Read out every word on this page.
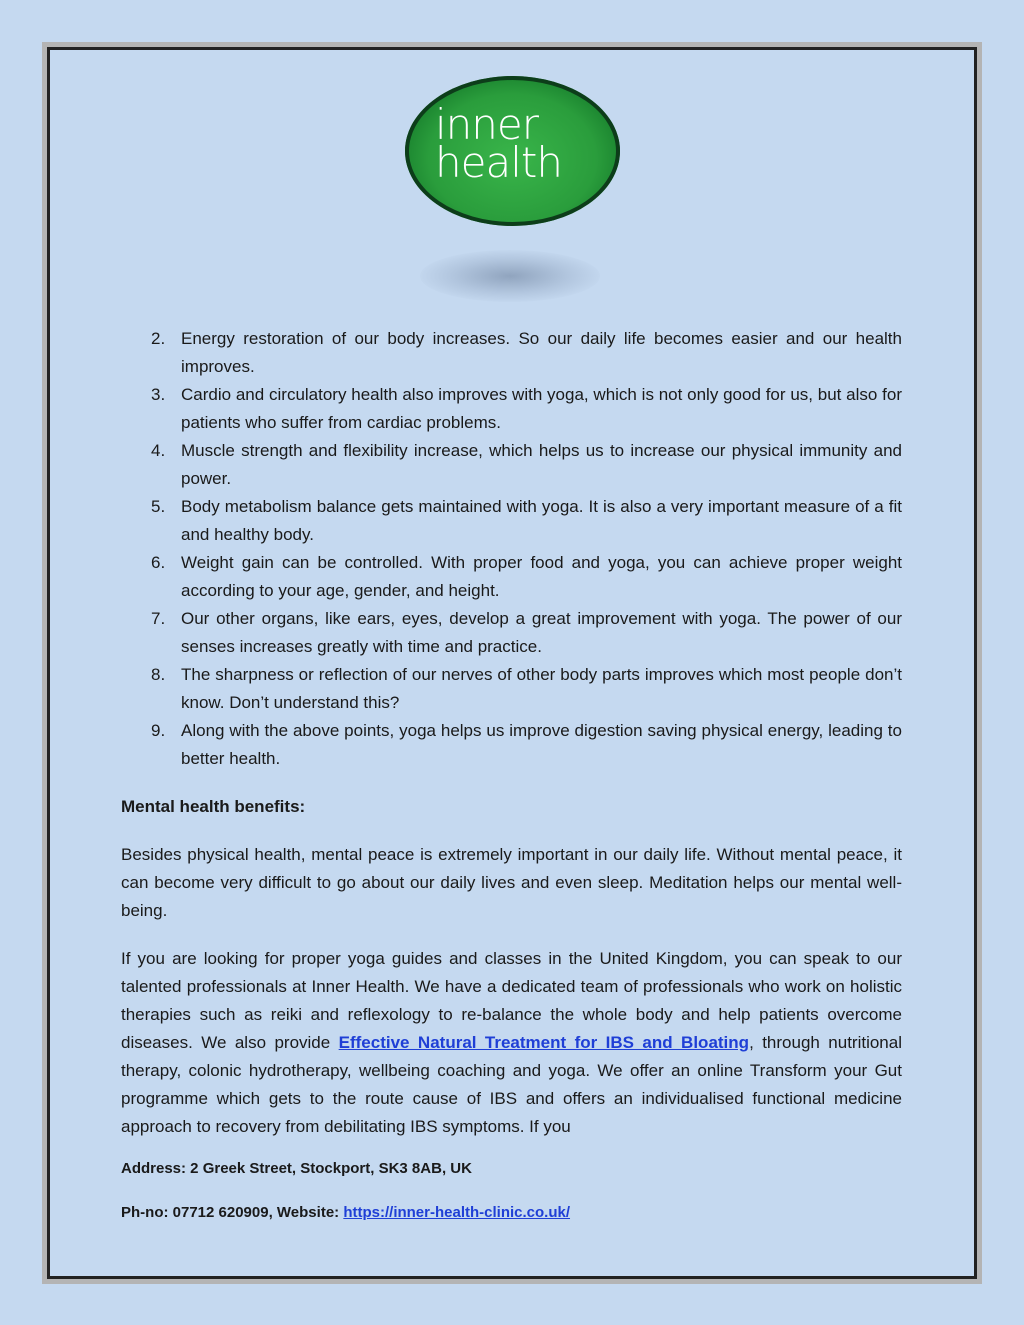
inner
health
2. Energy restoration of our body increases. So our daily life becomes easier and our health improves.
3. Cardio and circulatory health also improves with yoga, which is not only good for us, but also for patients who suffer from cardiac problems.
4. Muscle strength and flexibility increase, which helps us to increase our physical immunity and power.
5. Body metabolism balance gets maintained with yoga. It is also a very important measure of a fit and healthy body.
6. Weight gain can be controlled. With proper food and yoga, you can achieve proper weight according to your age, gender, and height.
7. Our other organs, like ears, eyes, develop a great improvement with yoga. The power of our senses increases greatly with time and practice.
8. The sharpness or reflection of our nerves of other body parts improves which most people don’t know. Don’t understand this?
9. Along with the above points, yoga helps us improve digestion saving physical energy, leading to better health.
Mental health benefits:

Besides physical health, mental peace is extremely important in our daily life. Without mental peace, it can become very difficult to go about our daily lives and even sleep. Meditation helps our mental well-being.

If you are looking for proper yoga guides and classes in the United Kingdom, you can speak to our talented professionals at Inner Health. We have a dedicated team of professionals who work on holistic therapies such as reiki and reflexology to re-balance the whole body and help patients overcome diseases. We also provide Effective Natural Treatment for IBS and Bloating, through nutritional therapy, colonic hydrotherapy, wellbeing coaching and yoga. We offer an online Transform your Gut programme which gets to the route cause of IBS and offers an individualised functional medicine approach to recovery from debilitating IBS symptoms. If you

Address: 2 Greek Street, Stockport, SK3 8AB, UK
Ph-no: 07712 620909, Website: https://inner-health-clinic.co.uk/
